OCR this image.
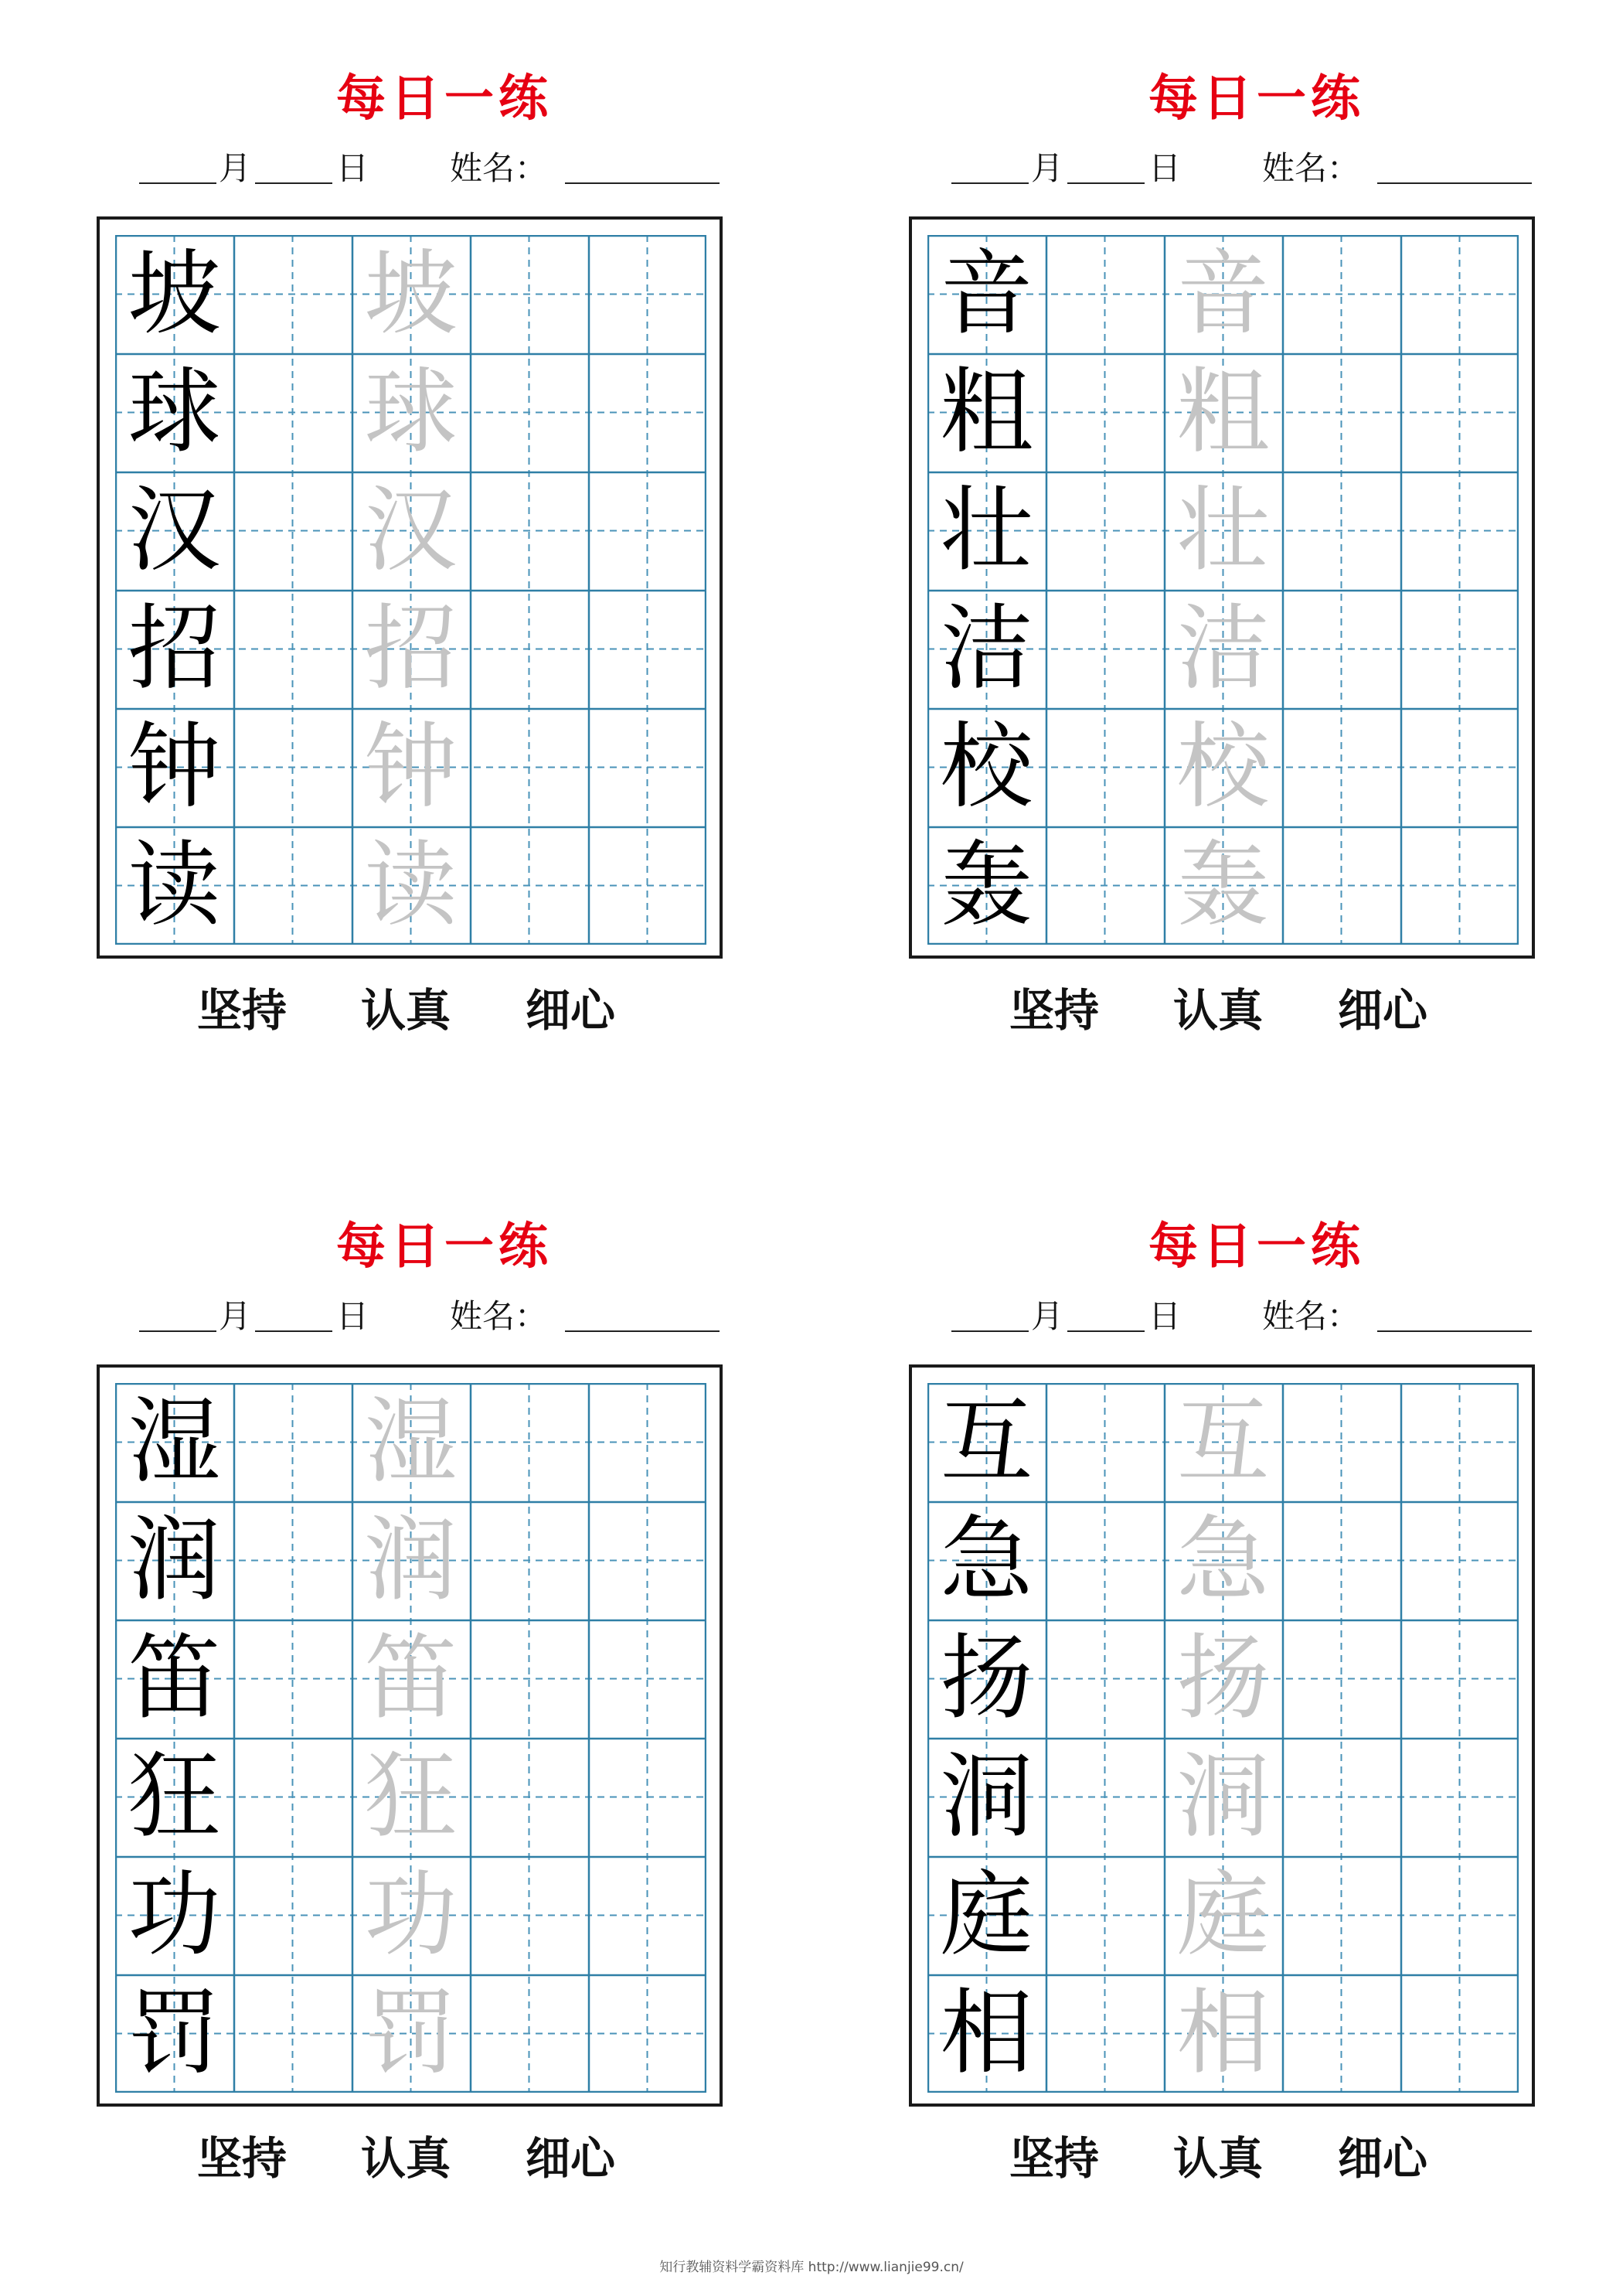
每日一练
月	日 姓名：
坡 坡
球 球
汉 汉
招 招
钟 钟
读 读
坚持 认真 细心
每日一练
月	日 姓名：
音 音
粗 粗
壮 壮
洁 洁
校 校
轰 轰
坚持 认真 细心
每日一练
月	日 姓名：
湿 湿
润 润
笛 笛
狂 狂
功 功
罚 罚
坚持 认真 细心
每日一练
月	日 姓名：
互 互
急 急
扬 扬
洞 洞
庭 庭
相 相
坚持 认真 细心
知行教辅资料学霸资料库 http://www.lianjie99.cn/
